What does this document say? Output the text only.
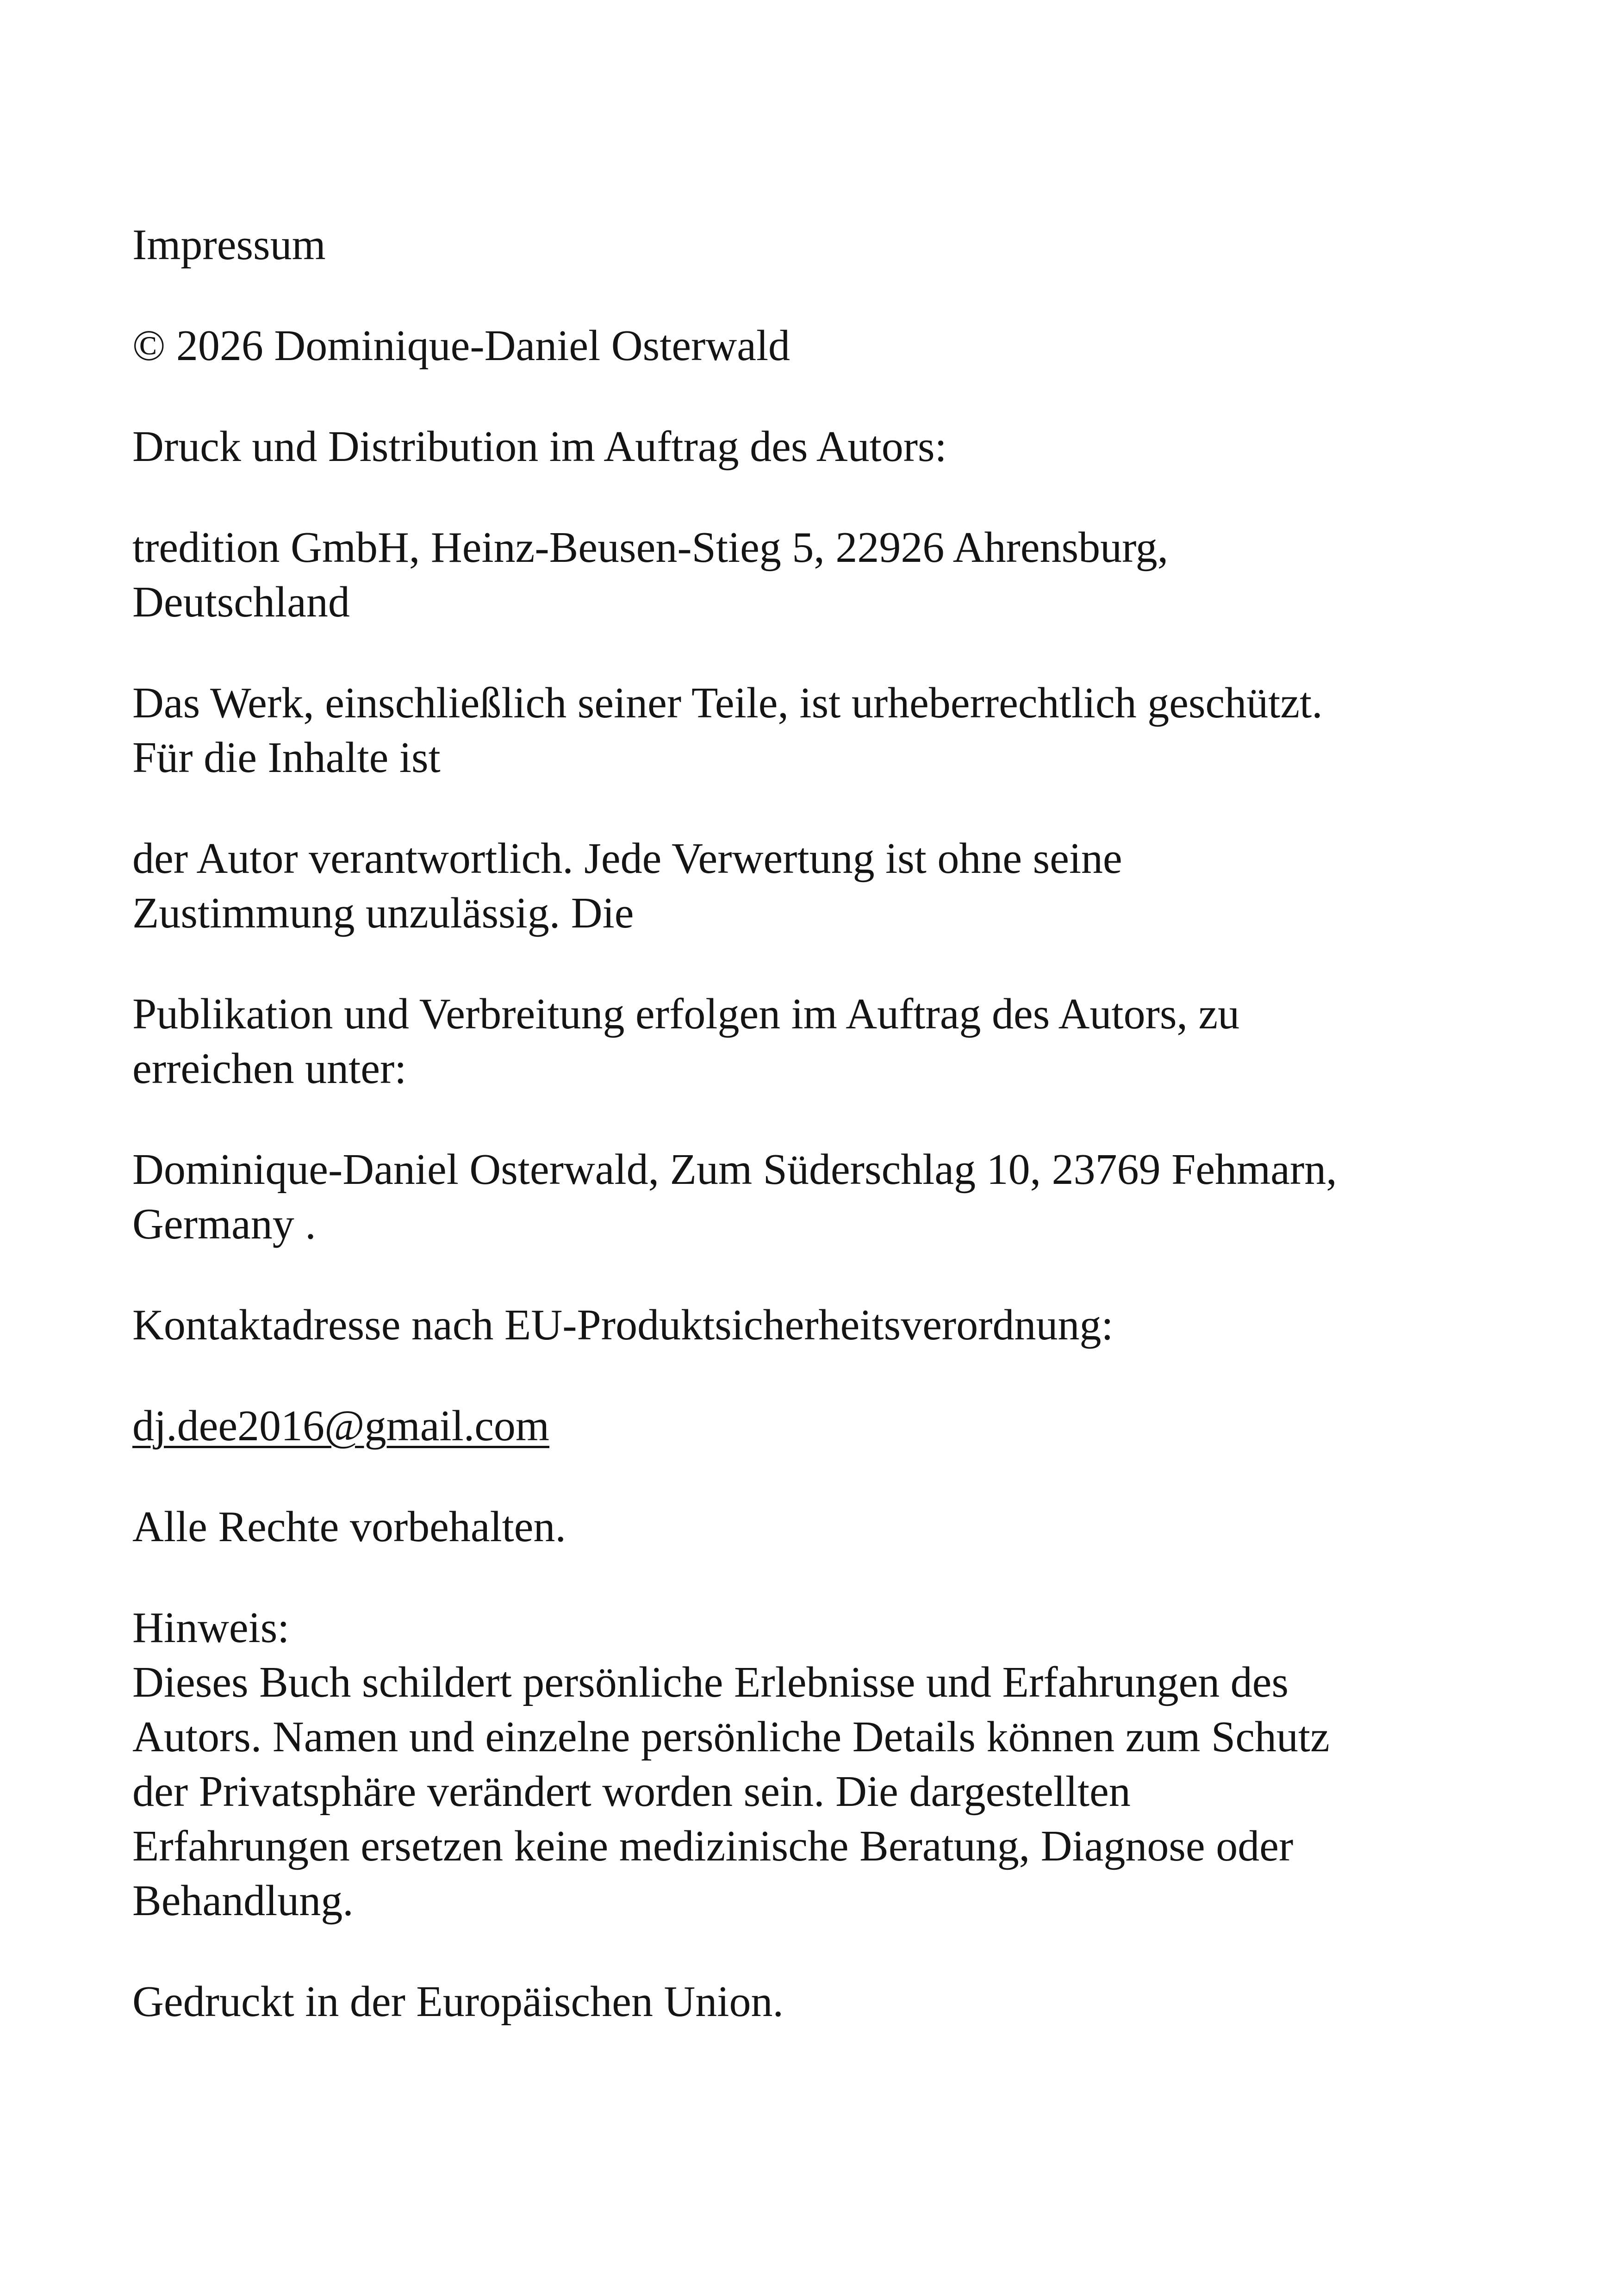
Impressum

© 2026 Dominique-Daniel Osterwald

Druck und Distribution im Auftrag des Autors:

tredition GmbH, Heinz-Beusen-Stieg 5, 22926 Ahrensburg,
Deutschland

Das Werk, einschließlich seiner Teile, ist urheberrechtlich geschützt.
Für die Inhalte ist

der Autor verantwortlich. Jede Verwertung ist ohne seine
Zustimmung unzulässig. Die

Publikation und Verbreitung erfolgen im Auftrag des Autors, zu
erreichen unter:

Dominique-Daniel Osterwald, Zum Süderschlag 10, 23769 Fehmarn,
Germany .

Kontaktadresse nach EU-Produktsicherheitsverordnung:

dj.dee2016@gmail.com

Alle Rechte vorbehalten.

Hinweis:
Dieses Buch schildert persönliche Erlebnisse und Erfahrungen des
Autors. Namen und einzelne persönliche Details können zum Schutz
der Privatsphäre verändert worden sein. Die dargestellten
Erfahrungen ersetzen keine medizinische Beratung, Diagnose oder
Behandlung.

Gedruckt in der Europäischen Union.
